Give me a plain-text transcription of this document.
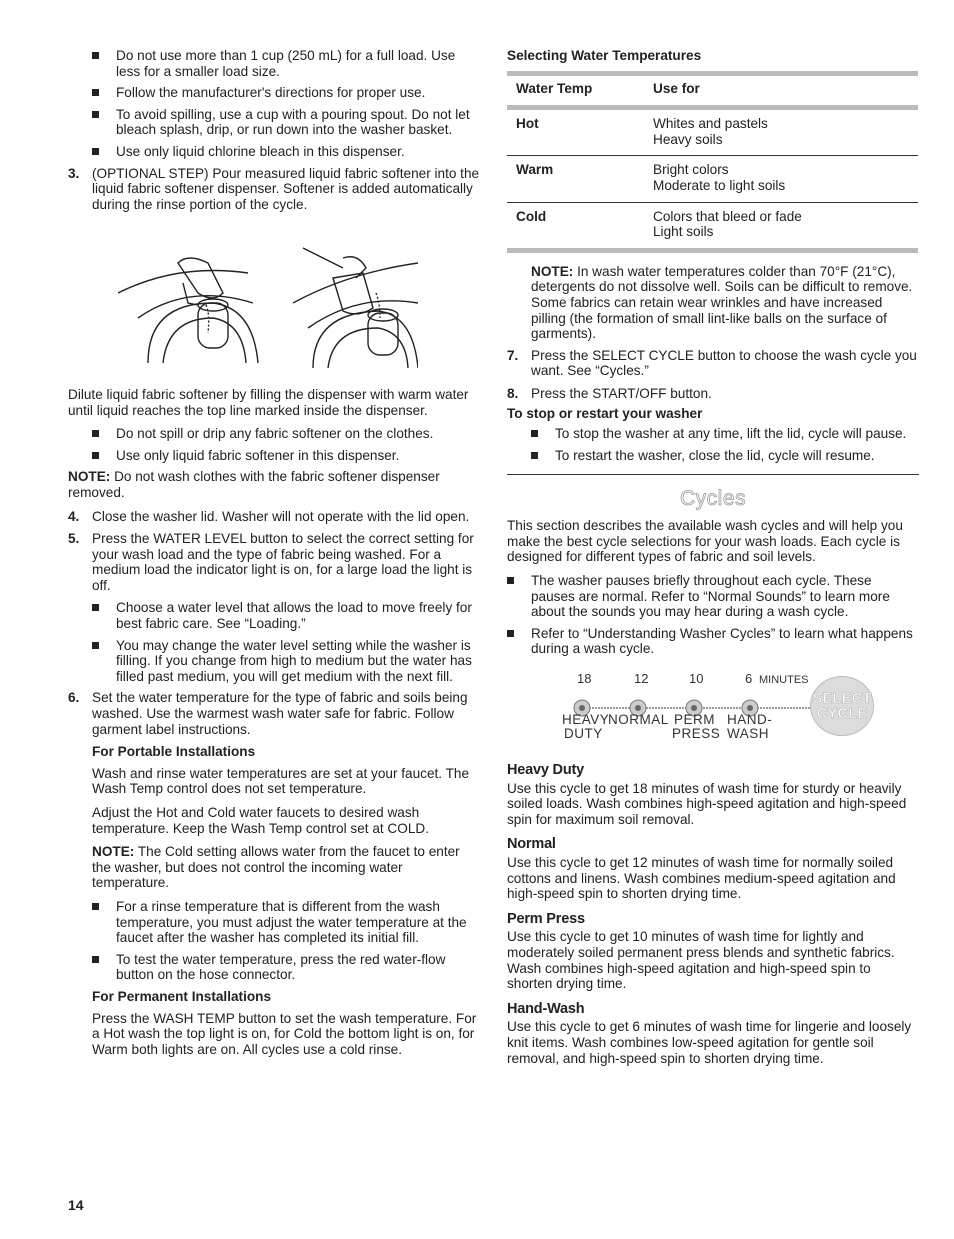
Do not use more than 1 cup (250 mL) for a full load. Use less for a smaller load size.

Follow the manufacturer's directions for proper use.

To avoid spilling, use a cup with a pouring spout. Do not let bleach splash, drip, or run down into the washer basket.

Use only liquid chlorine bleach in this dispenser.

3. (OPTIONAL STEP) Pour measured liquid fabric softener into the liquid fabric softener dispenser. Softener is added automatically during the rinse portion of the cycle.

Dilute liquid fabric softener by filling the dispenser with warm water until liquid reaches the top line marked inside the dispenser.

Do not spill or drip any fabric softener on the clothes.

Use only liquid fabric softener in this dispenser.

NOTE: Do not wash clothes with the fabric softener dispenser removed.

4. Close the washer lid. Washer will not operate with the lid open.
5. Press the WATER LEVEL button to select the correct setting for your wash load and the type of fabric being washed. For a medium load the indicator light is on, for a large load the light is off.

Choose a water level that allows the load to move freely for best fabric care. See “Loading.”

You may change the water level setting while the washer is filling. If you change from high to medium but the water has filled past medium, you will get medium with the next fill.

6. Set the water temperature for the type of fabric and soils being washed. Use the warmest wash water safe for fabric. Follow garment label instructions.

For Portable Installations

Wash and rinse water temperatures are set at your faucet. The Wash Temp control does not set temperature.

Adjust the Hot and Cold water faucets to desired wash temperature. Keep the Wash Temp control set at COLD.

NOTE: The Cold setting allows water from the faucet to enter the washer, but does not control the incoming water temperature.

For a rinse temperature that is different from the wash temperature, you must adjust the water temperature at the faucet after the washer has completed its initial fill.

To test the water temperature, press the red water-flow button on the hose connector.

For Permanent Installations

Press the WASH TEMP button to set the wash temperature. For a Hot wash the top light is on, for Cold the bottom light is on, for Warm both lights are on. All cycles use a cold rinse.

Selecting Water Temperatures

Water Temp	Use for
Hot	Whites and pastels
Heavy soils
Warm	Bright colors
Moderate to light soils
Cold	Colors that bleed or fade
Light soils

NOTE: In wash water temperatures colder than 70°F (21°C), detergents do not dissolve well. Soils can be difficult to remove. Some fabrics can retain wear wrinkles and have increased pilling (the formation of small lint-like balls on the surface of garments).

7. Press the SELECT CYCLE button to choose the wash cycle you want. See “Cycles.”
8. Press the START/OFF button.

To stop or restart your washer

To stop the washer at any time, lift the lid, cycle will pause.

To restart the washer, close the lid, cycle will resume.

Cycles

This section describes the available wash cycles and will help you make the best cycle selections for your wash loads. Each cycle is designed for different types of fabric and soil levels.

The washer pauses briefly throughout each cycle. These pauses are normal. Refer to “Normal Sounds” to learn more about the sounds you may hear during a wash cycle.

Refer to “Understanding Washer Cycles” to learn what happens during a wash cycle.

18	12	10	6 MINUTES
SELECT
CYCLE
HEAVY
NORMAL PERM HAND-
DUTY	PRESS WASH

Heavy Duty

Use this cycle to get 18 minutes of wash time for sturdy or heavily soiled loads. Wash combines high-speed agitation and high-speed spin for maximum soil removal.

Normal

Use this cycle to get 12 minutes of wash time for normally soiled cottons and linens. Wash combines medium-speed agitation and high-speed spin to shorten drying time.

Perm Press

Use this cycle to get 10 minutes of wash time for lightly and moderately soiled permanent press blends and synthetic fabrics. Wash combines high-speed agitation and high-speed spin to shorten drying time.

Hand-Wash

Use this cycle to get 6 minutes of wash time for lingerie and loosely knit items. Wash combines low-speed agitation for gentle soil removal, and high-speed spin to shorten drying time.

14
